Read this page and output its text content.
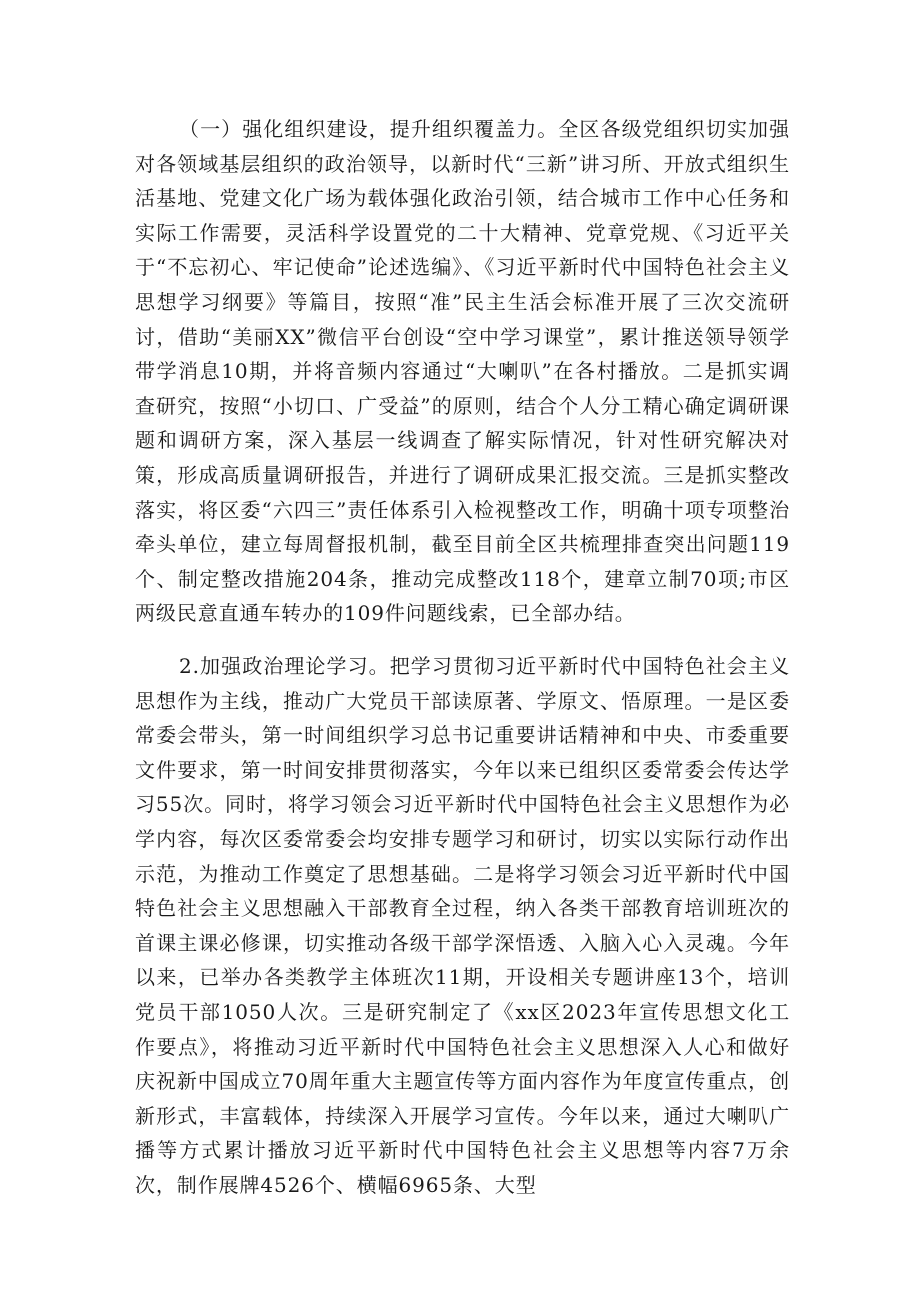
（一）强化组织建设，提升组织覆盖力。全区各级党组织切实加强对各领域基层组织的政治领导，以新时代“三新”讲习所、开放式组织生活基地、党建文化广场为载体强化政治引领，结合城市工作中心任务和实际工作需要，灵活科学设置党的二十大精神、党章党规、《习近平关于“不忘初心、牢记使命”论述选编》、《习近平新时代中国特色社会主义思想学习纲要》等篇目，按照“准”民主生活会标准开展了三次交流研讨，借助“美丽XX”微信平台创设“空中学习课堂”，累计推送领导领学带学消息10期，并将音频内容通过“大喇叭”在各村播放。二是抓实调查研究，按照“小切口、广受益”的原则，结合个人分工精心确定调研课题和调研方案，深入基层一线调查了解实际情况，针对性研究解决对策，形成高质量调研报告，并进行了调研成果汇报交流。三是抓实整改落实，将区委“六四三”责任体系引入检视整改工作，明确十项专项整治牵头单位，建立每周督报机制，截至目前全区共梳理排查突出问题119个、制定整改措施204条，推动完成整改118个，建章立制70项;市区两级民意直通车转办的109件问题线索，已全部办结。

2.加强政治理论学习。把学习贯彻习近平新时代中国特色社会主义思想作为主线，推动广大党员干部读原著、学原文、悟原理。一是区委常委会带头，第一时间组织学习总书记重要讲话精神和中央、市委重要文件要求，第一时间安排贯彻落实，今年以来已组织区委常委会传达学习55次。同时，将学习领会习近平新时代中国特色社会主义思想作为必学内容，每次区委常委会均安排专题学习和研讨，切实以实际行动作出示范，为推动工作奠定了思想基础。二是将学习领会习近平新时代中国特色社会主义思想融入干部教育全过程，纳入各类干部教育培训班次的首课主课必修课，切实推动各级干部学深悟透、入脑入心入灵魂。今年以来，已举办各类教学主体班次11期，开设相关专题讲座13个，培训党员干部1050人次。三是研究制定了《xx区2023年宣传思想文化工作要点》，将推动习近平新时代中国特色社会主义思想深入人心和做好庆祝新中国成立70周年重大主题宣传等方面内容作为年度宣传重点，创新形式，丰富载体，持续深入开展学习宣传。今年以来，通过大喇叭广播等方式累计播放习近平新时代中国特色社会主义思想等内容7万余次，制作展牌4526个、横幅6965条、大型
